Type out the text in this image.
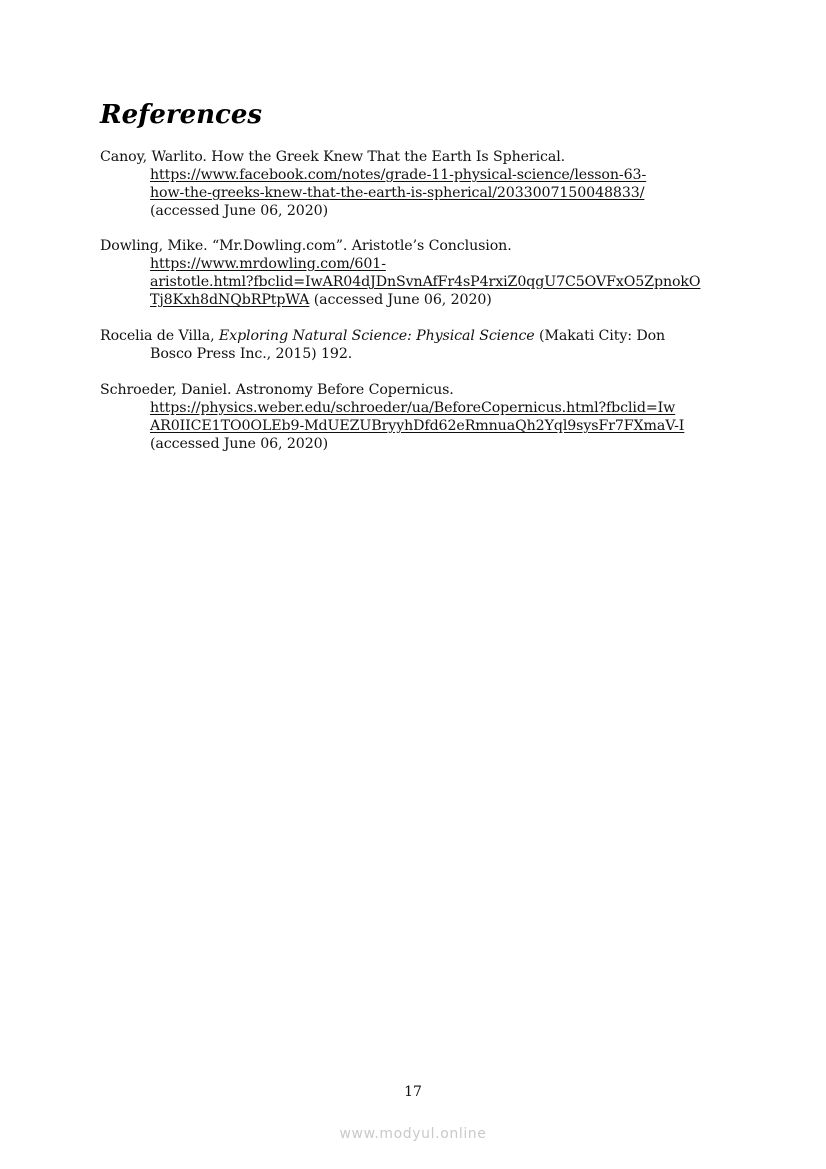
References
Canoy, Warlito. How the Greek Knew That the Earth Is Spherical.
https://www.facebook.com/notes/grade-11-physical-science/lesson-63-
how-the-greeks-knew-that-the-earth-is-spherical/2033007150048833/
(accessed June 06, 2020)
Dowling, Mike. “Mr.Dowling.com”. Aristotle’s Conclusion.
https://www.mrdowling.com/601-
aristotle.html?fbclid=IwAR04dJDnSvnAfFr4sP4rxiZ0qgU7C5OVFxO5ZpnokO
Tj8Kxh8dNQbRPtpWA (accessed June 06, 2020)
Rocelia de Villa, Exploring Natural Science: Physical Science (Makati City: Don
Bosco Press Inc., 2015) 192.
Schroeder, Daniel. Astronomy Before Copernicus.
https://physics.weber.edu/schroeder/ua/BeforeCopernicus.html?fbclid=Iw
AR0IICE1TO0OLEb9-MdUEZUBryyhDfd62eRmnuaQh2Yql9sysFr7FXmaV-I
(accessed June 06, 2020)
17
www.modyul.online
